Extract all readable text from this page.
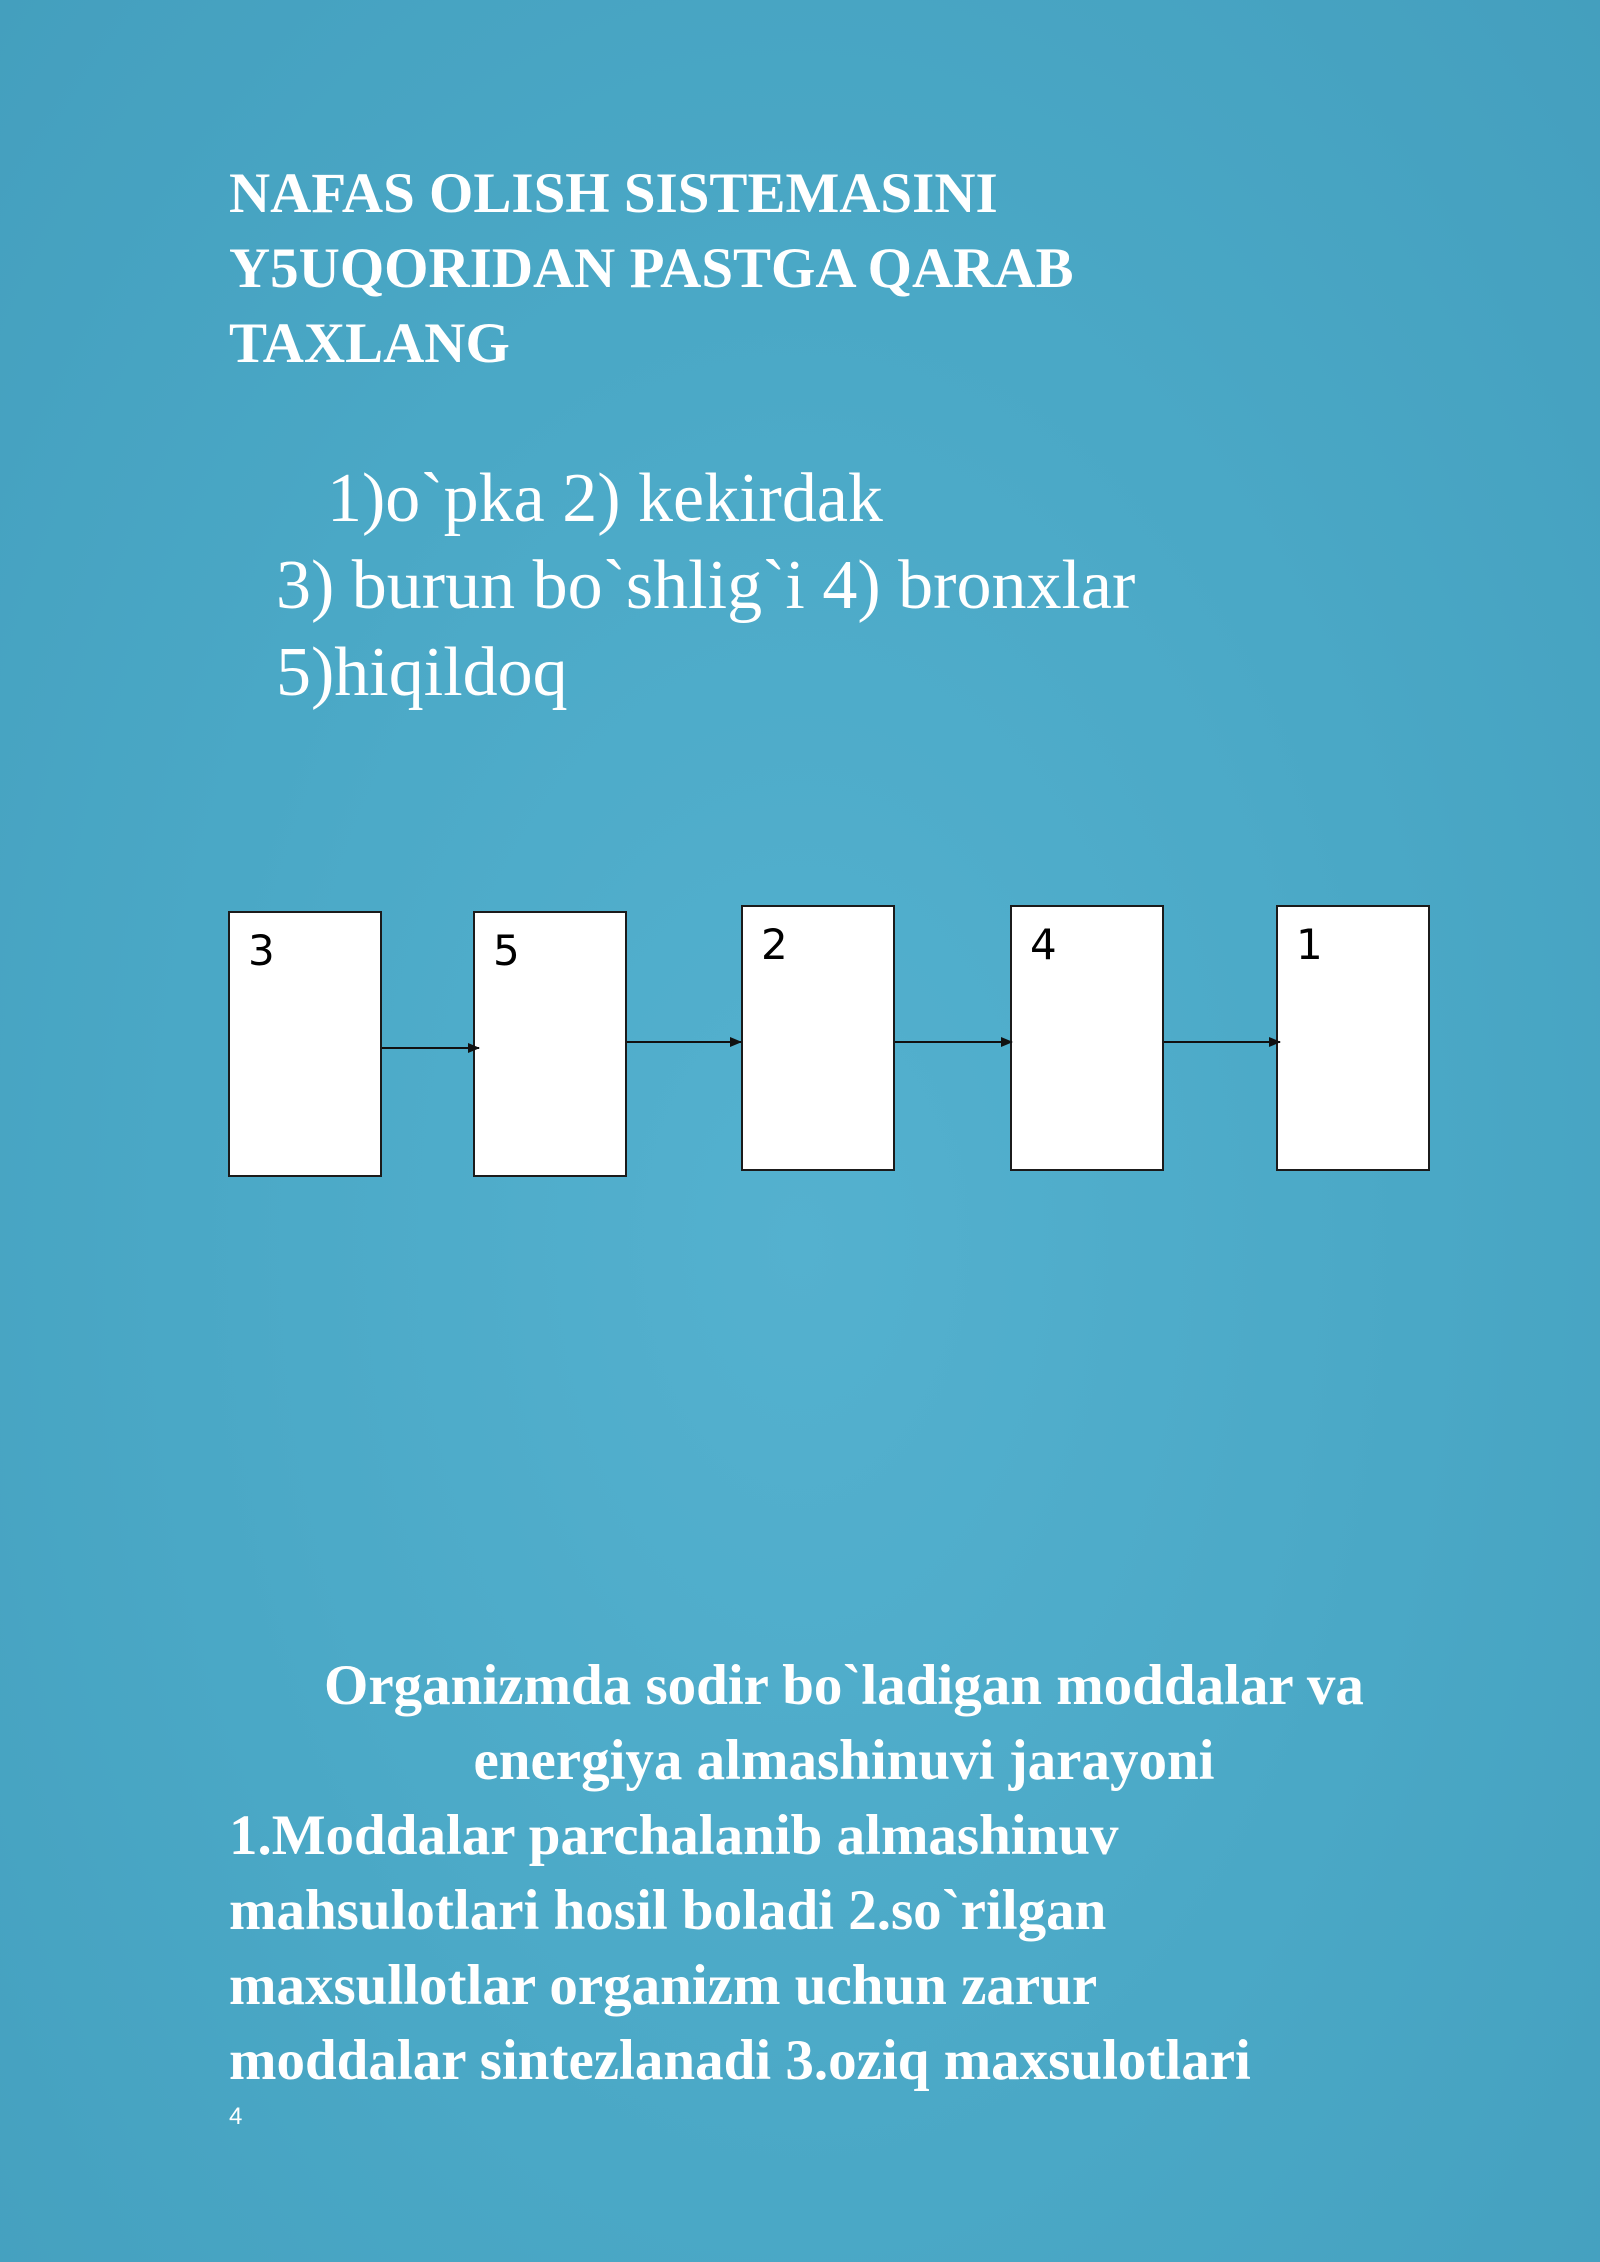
NAFAS OLISH SISTEMASINI
Y5UQORIDAN PASTGA QARAB
TAXLANG
1)o`pka 2) kekirdak
3) burun bo`shlig`i 4) bronxlar
5)hiqildoq
3	5	2	4	1
Organizmda sodir bo`ladigan moddalar va
energiya almashinuvi jarayoni
1.Moddalar parchalanib almashinuv
mahsulotlari hosil boladi 2.so`rilgan
maxsullotlar organizm uchun zarur
moddalar sintezlanadi 3.oziq maxsulotlari
4
